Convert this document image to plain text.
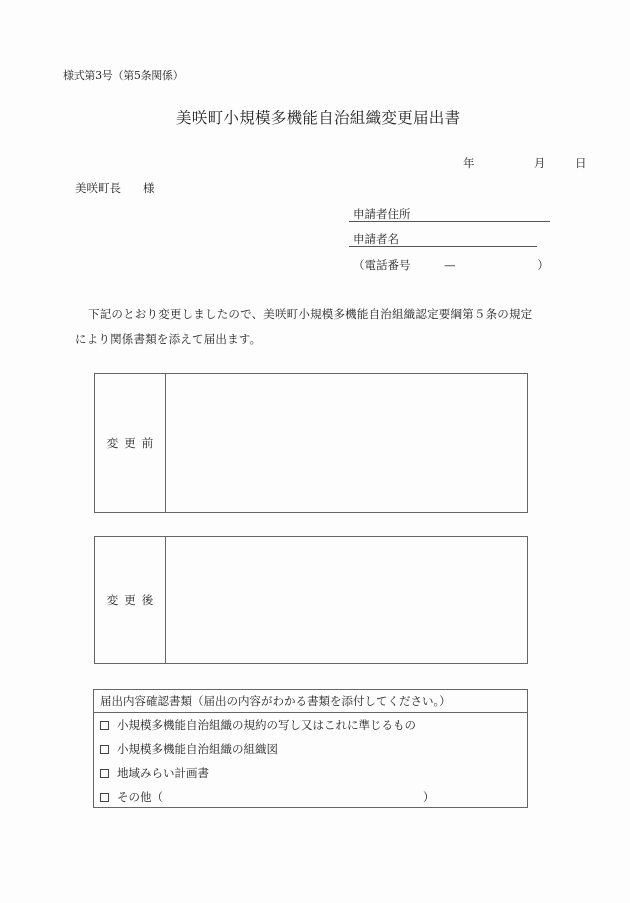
様式第3号（第5条関係）
美咲町小規模多機能自治組織変更届出書
年	月	日
美咲町長 様
申請者住所
申請者名
（電話番号	—	）
下記のとおり変更しましたので、美咲町小規模多機能自治組織認定要綱第５条の規定
により関係書類を添えて届出ます。
変更前
変更後
届出内容確認書類（届出の内容がわかる書類を添付してください。）
小規模多機能自治組織の規約の写し又はこれに準じるもの
小規模多機能自治組織の組織図
地域みらい計画書
その他（	）
